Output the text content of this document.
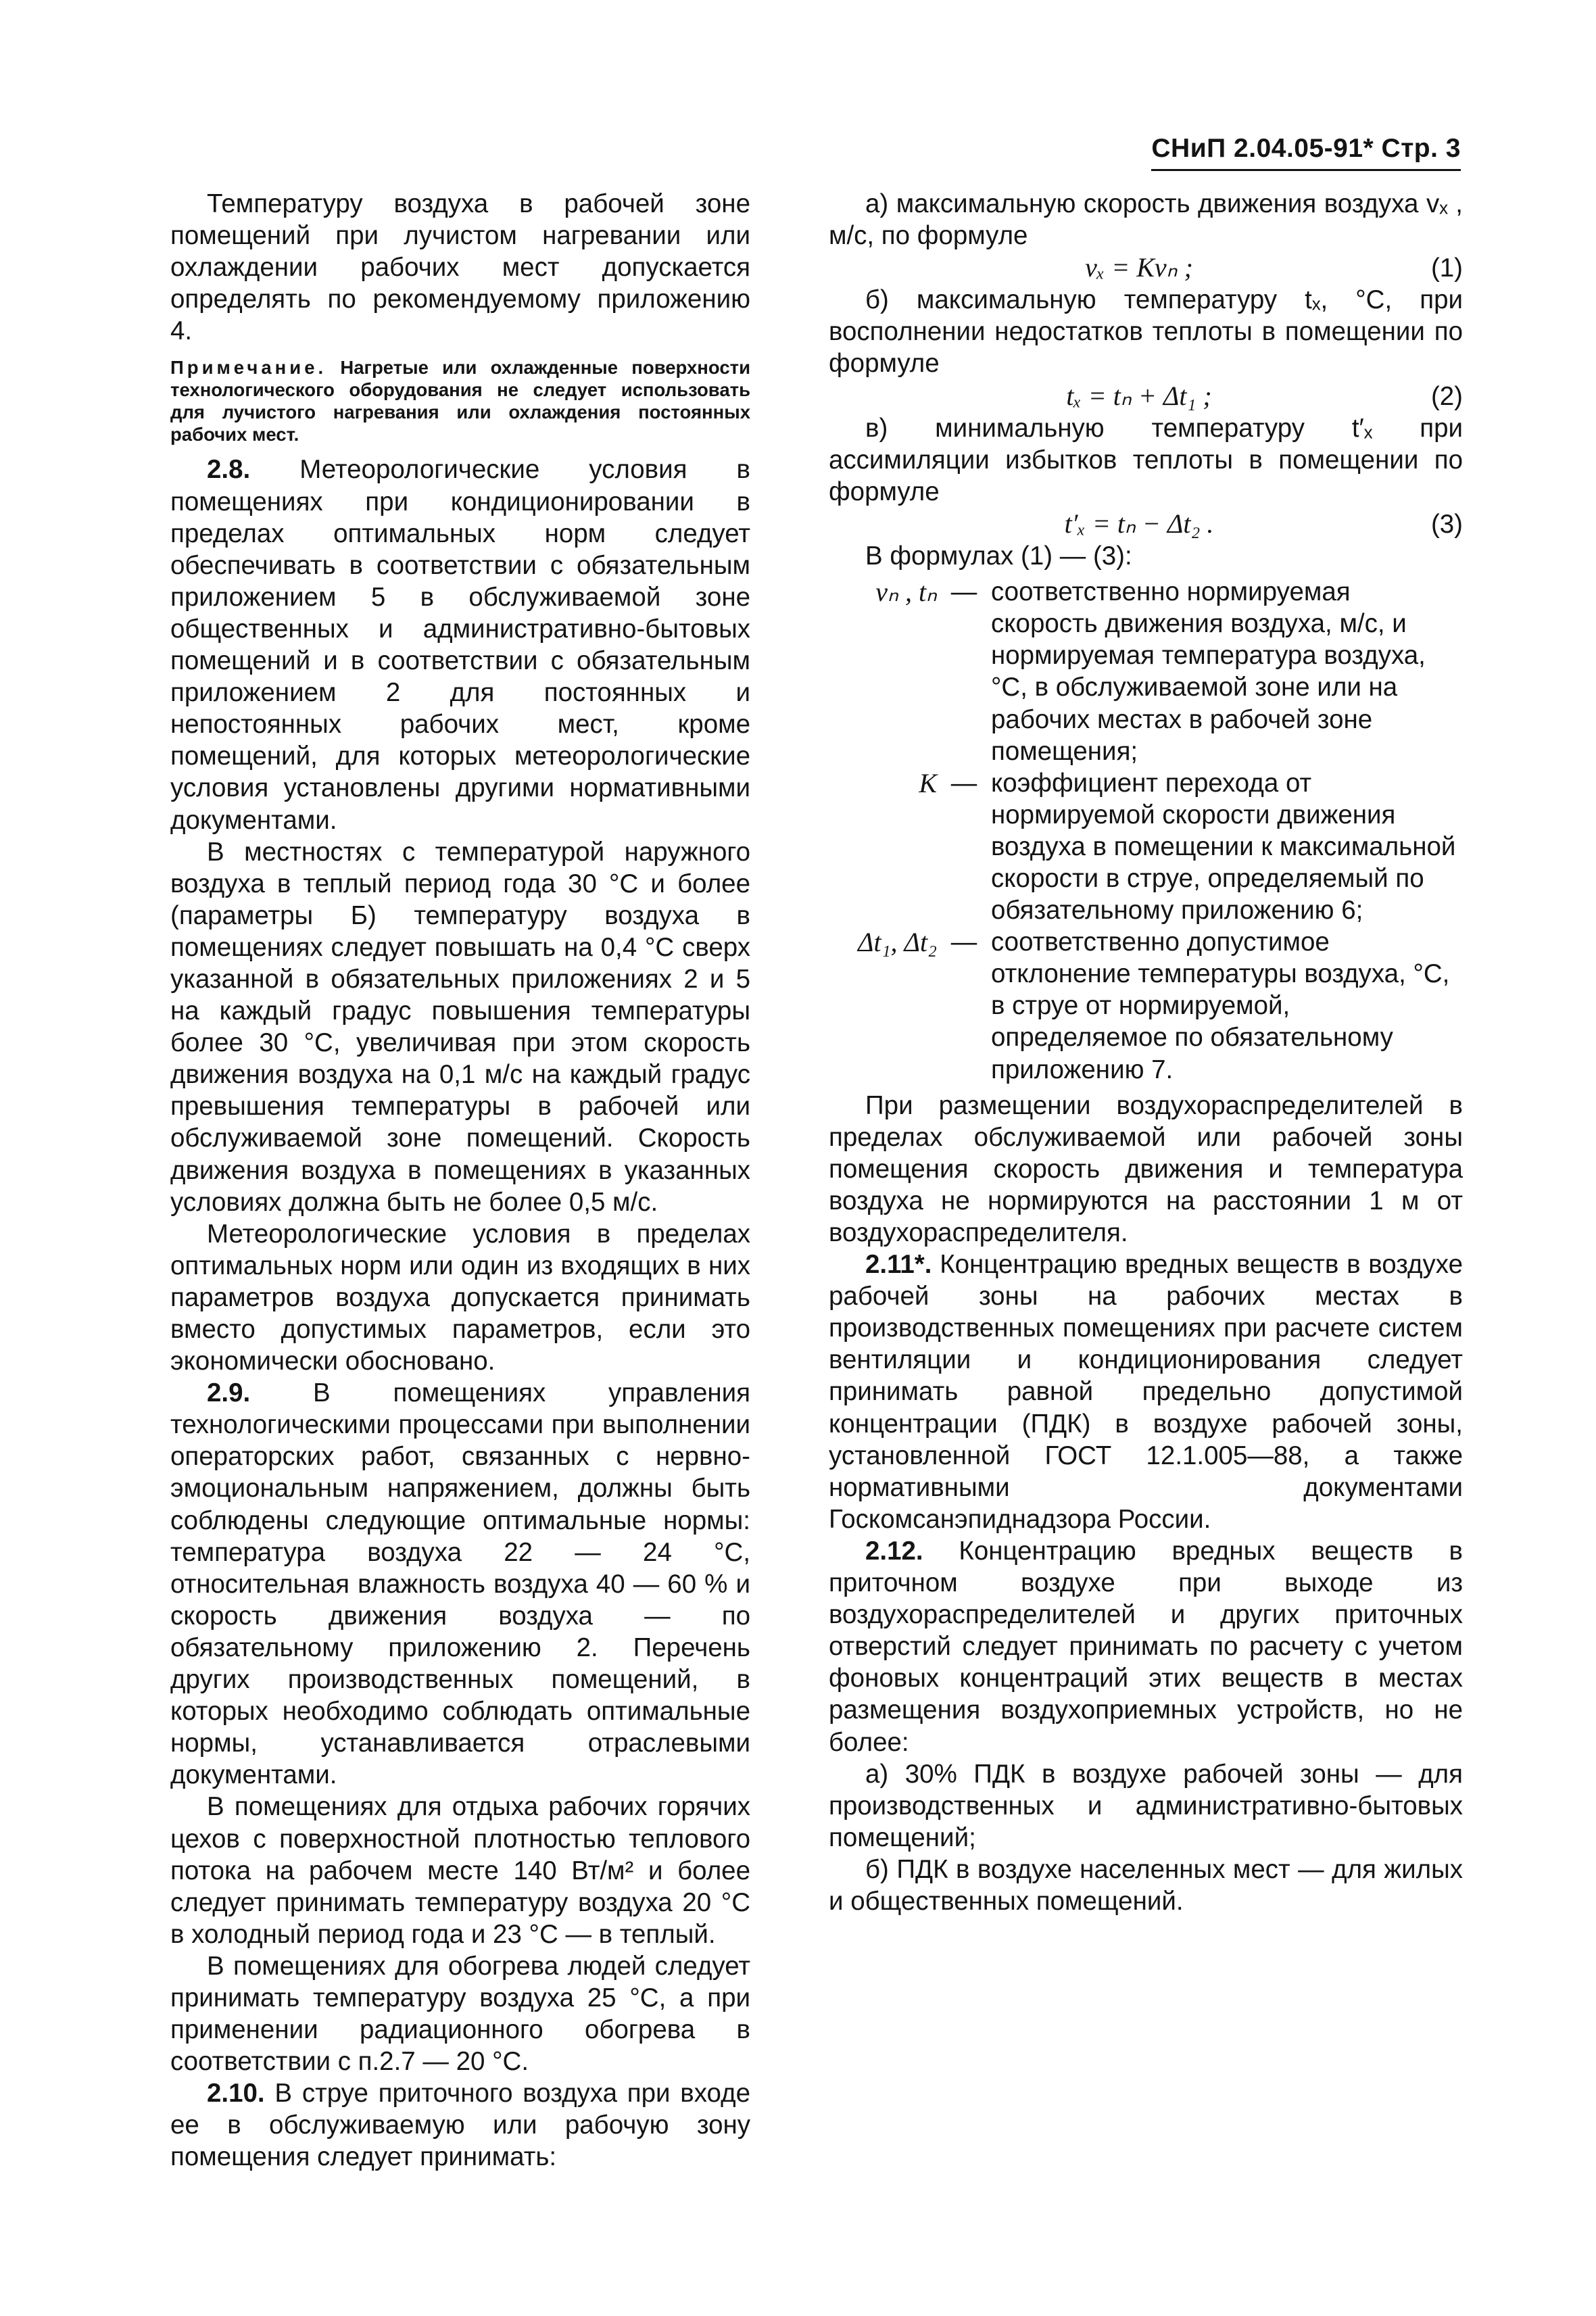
СНиП 2.04.05-91* Стр. 3

Температуру воздуха в рабочей зоне помещений при лучистом нагревании или охлаждении рабочих мест допускается определять по рекомендуемому приложению 4.

Примечание. Нагретые или охлажденные поверхности технологического оборудования не следует использовать для лучистого нагревания или охлаждения постоянных рабочих мест.

2.8. Метеорологические условия в помещениях при кондиционировании в пределах оптимальных норм следует обеспечивать в соответствии с обязательным приложением 5 в обслуживаемой зоне общественных и административно-бытовых помещений и в соответствии с обязательным приложением 2 для постоянных и непостоянных рабочих мест, кроме помещений, для которых метеорологические условия установлены другими нормативными документами.

В местностях с температурой наружного воздуха в теплый период года 30 °С и более (параметры Б) температуру воздуха в помещениях следует повышать на 0,4 °С сверх указанной в обязательных приложениях 2 и 5 на каждый градус повышения температуры более 30 °С, увеличивая при этом скорость движения воздуха на 0,1 м/с на каждый градус превышения температуры в рабочей или обслуживаемой зоне помещений. Скорость движения воздуха в помещениях в указанных условиях должна быть не более 0,5 м/с.

Метеорологические условия в пределах оптимальных норм или один из входящих в них параметров воздуха допускается принимать вместо допустимых параметров, если это экономически обосновано.

2.9. В помещениях управления технологическими процессами при выполнении операторских работ, связанных с нервно-эмоциональным напряжением, должны быть соблюдены следующие оптимальные нормы: температура воздуха 22 — 24 °С, относительная влажность воздуха 40 — 60 % и скорость движения воздуха — по обязательному приложению 2. Перечень других производственных помещений, в которых необходимо соблюдать оптимальные нормы, устанавливается отраслевыми документами.

В помещениях для отдыха рабочих горячих цехов с поверхностной плотностью теплового потока на рабочем месте 140 Вт/м² и более следует принимать температуру воздуха 20 °С в холодный период года и 23 °С — в теплый.

В помещениях для обогрева людей следует принимать температуру воздуха 25 °С, а при применении радиационного обогрева в соответствии с п.2.7 — 20 °С.

2.10. В струе приточного воздуха при входе ее в обслуживаемую или рабочую зону помещения следует принимать:

а) максимальную скорость движения воздуха vₓ , м/с, по формуле

vₓ = Kvₙ ;	(1)

б) максимальную температуру tₓ, °С, при восполнении недостатков теплоты в помещении по формуле

tₓ = tₙ + Δt₁ ;	(2)

в) минимальную температуру t′ₓ при ассимиляции избытков теплоты в помещении по формуле

t′ₓ = tₙ − Δt₂ .	(3)

В формулах (1) — (3):

vₙ , tₙ — соответственно нормируемая скорость движения воздуха, м/с, и нормируемая температура воздуха, °С, в обслуживаемой зоне или на рабочих местах в рабочей зоне помещения;
K — коэффициент перехода от нормируемой скорости движения воздуха в помещении к максимальной скорости в струе, определяемый по обязательному приложению 6;
Δt₁, Δt₂ — соответственно допустимое отклонение температуры воздуха, °С, в струе от нормируемой, определяемое по обязательному приложению 7.

При размещении воздухораспределителей в пределах обслуживаемой или рабочей зоны помещения скорость движения и температура воздуха не нормируются на расстоянии 1 м от воздухораспределителя.

2.11*. Концентрацию вредных веществ в воздухе рабочей зоны на рабочих местах в производственных помещениях при расчете систем вентиляции и кондиционирования следует принимать равной предельно допустимой концентрации (ПДК) в воздухе рабочей зоны, установленной ГОСТ 12.1.005—88, а также нормативными документами Госкомсанэпиднадзора России.

2.12. Концентрацию вредных веществ в приточном воздухе при выходе из воздухораспределителей и других приточных отверстий следует принимать по расчету с учетом фоновых концентраций этих веществ в местах размещения воздухоприемных устройств, но не более:

а) 30% ПДК в воздухе рабочей зоны — для производственных и административно-бытовых помещений;

б) ПДК в воздухе населенных мест — для жилых и общественных помещений.
